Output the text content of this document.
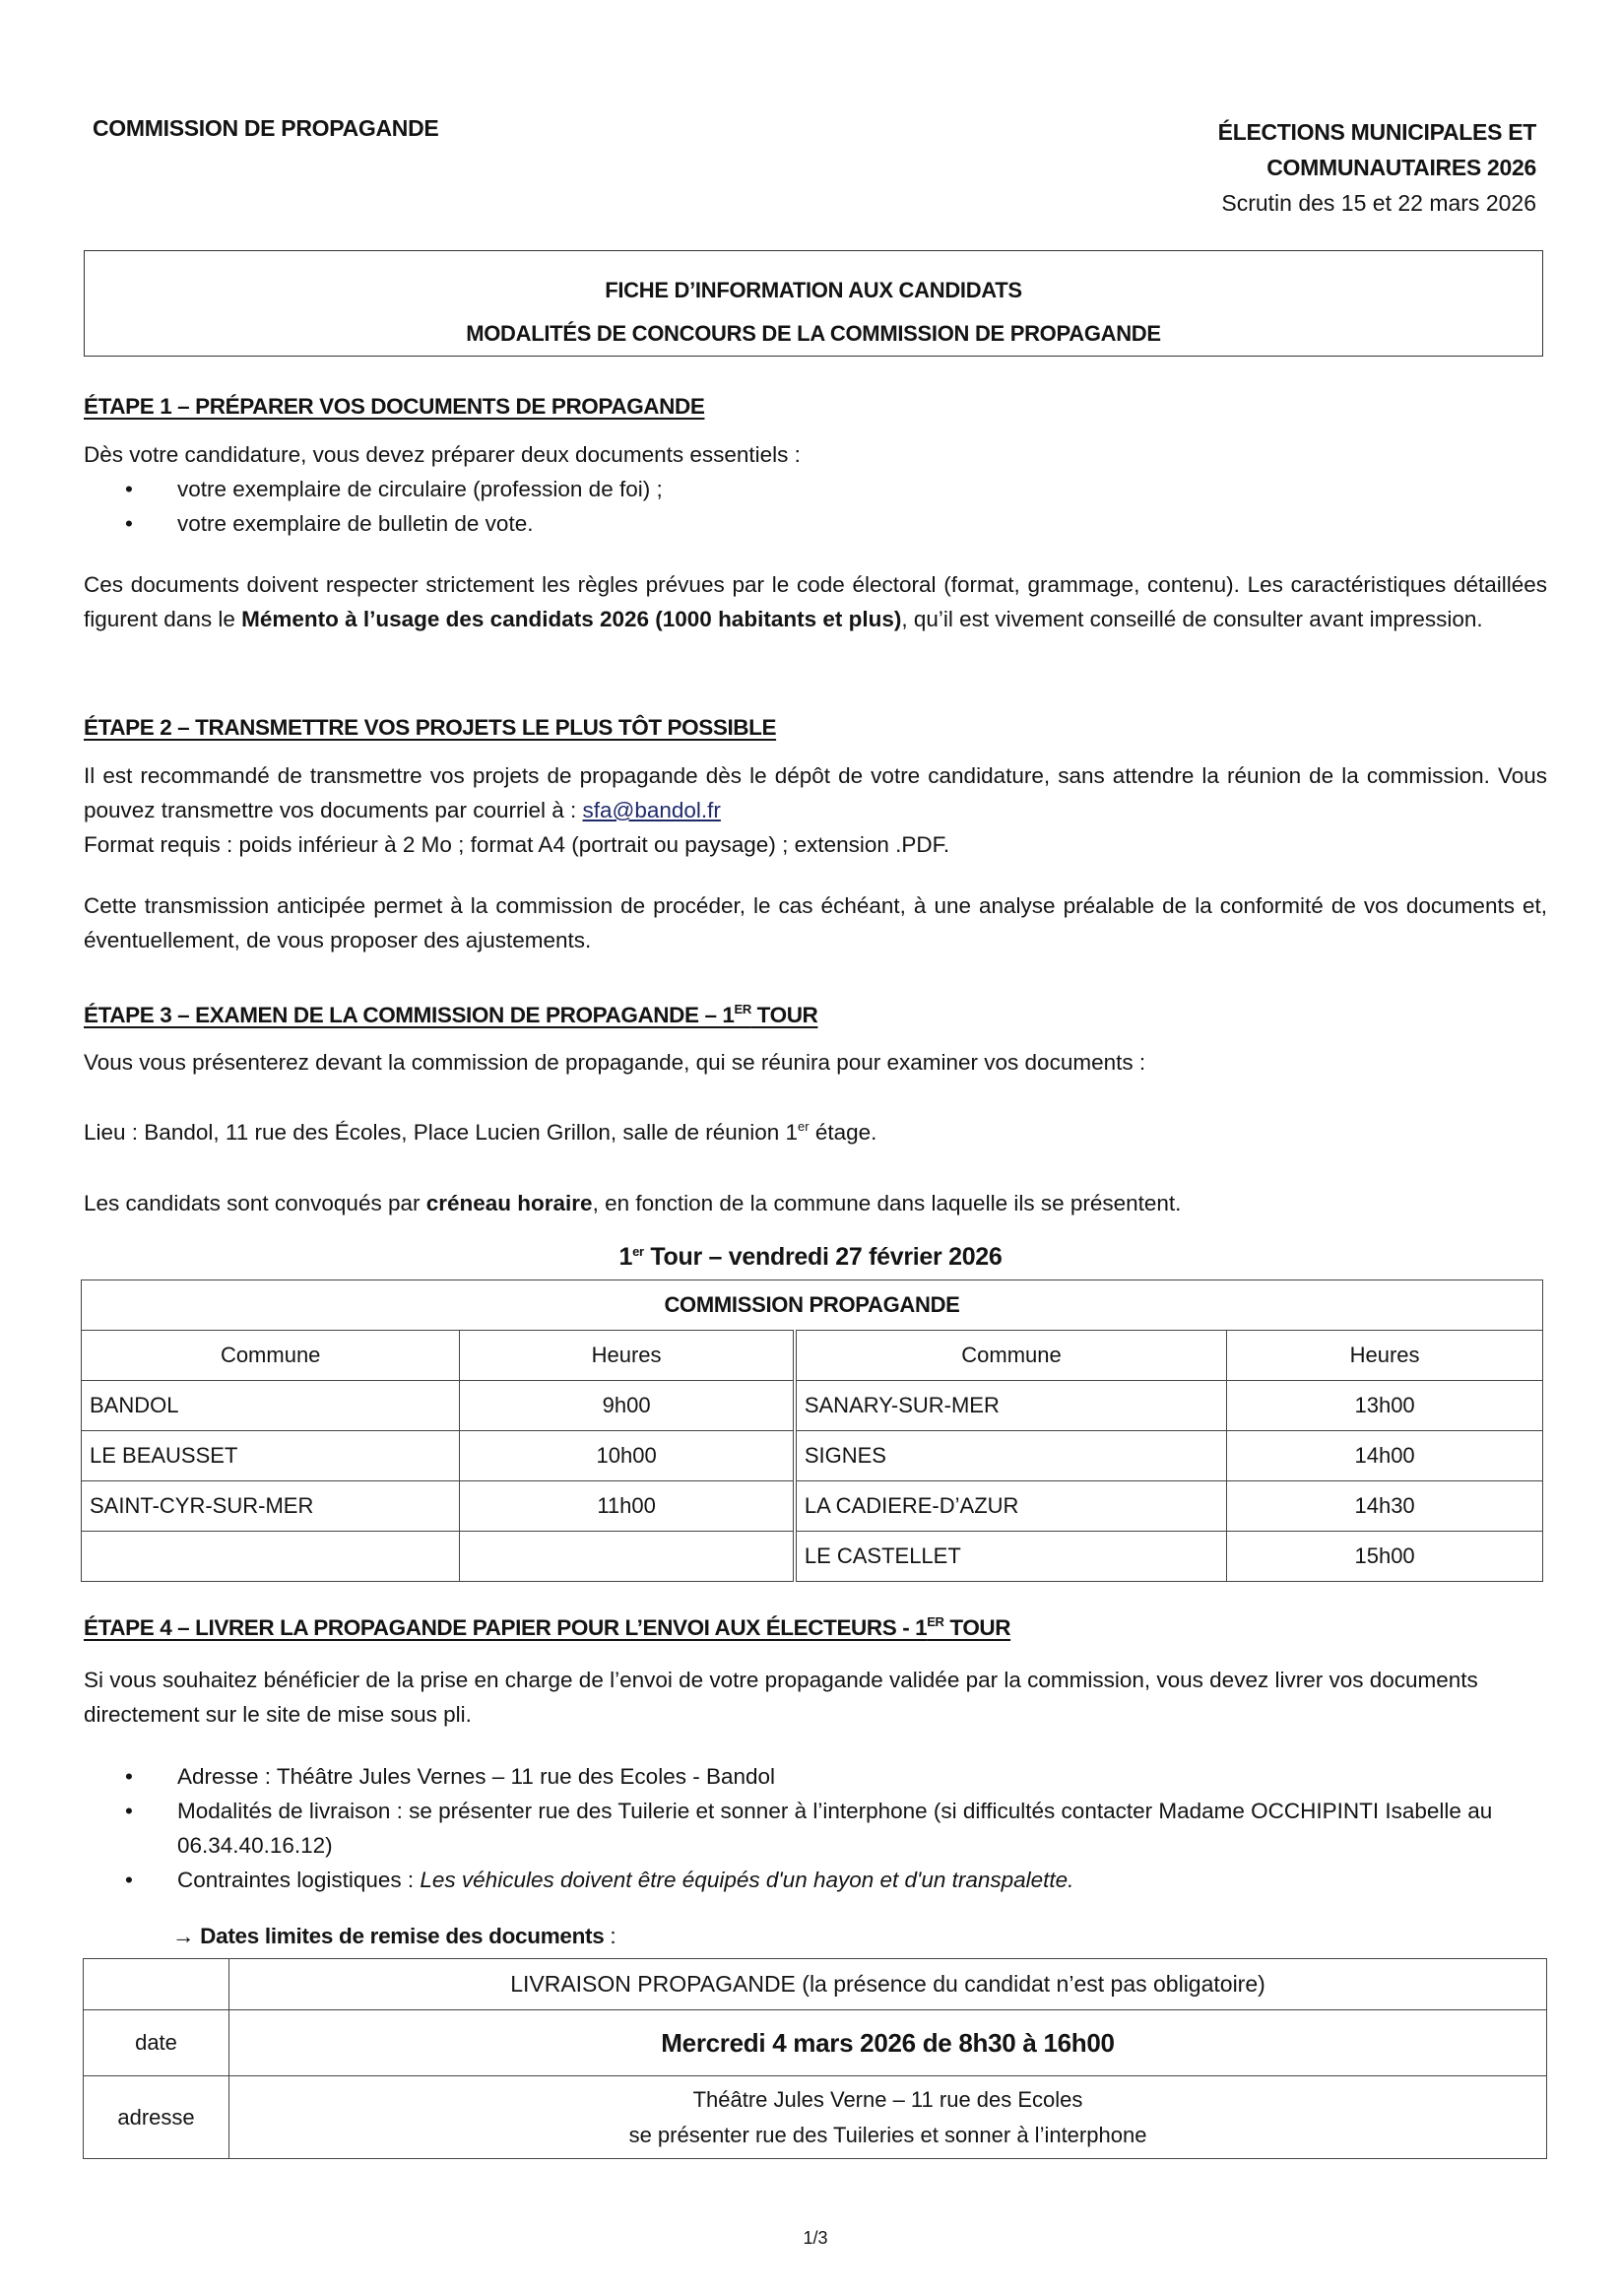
COMMISSION DE PROPAGANDE	ÉLECTIONS MUNICIPALES ET
COMMUNAUTAIRES 2026
Scrutin des 15 et 22 mars 2026
FICHE D’INFORMATION AUX CANDIDATS
MODALITÉS DE CONCOURS DE LA COMMISSION DE PROPAGANDE
ÉTAPE 1 – PRÉPARER VOS DOCUMENTS DE PROPAGANDE

Dès votre candidature, vous devez préparer deux documents essentiels :

• votre exemplaire de circulaire (profession de foi) ;
• votre exemplaire de bulletin de vote.

Ces documents doivent respecter strictement les règles prévues par le code électoral (format, grammage, contenu). Les caractéristiques détaillées figurent dans le Mémento à l’usage des candidats 2026 (1000 habitants et plus), qu’il est vivement conseillé de consulter avant impression.

ÉTAPE 2 – TRANSMETTRE VOS PROJETS LE PLUS TÔT POSSIBLE

Il est recommandé de transmettre vos projets de propagande dès le dépôt de votre candidature, sans attendre la réunion de la commission. Vous pouvez transmettre vos documents par courriel à : sfa@bandol.fr

Format requis : poids inférieur à 2 Mo ; format A4 (portrait ou paysage) ; extension .PDF.

Cette transmission anticipée permet à la commission de procéder, le cas échéant, à une analyse préalable de la conformité de vos documents et, éventuellement, de vous proposer des ajustements.

ÉTAPE 3 – EXAMEN DE LA COMMISSION DE PROPAGANDE – 1ER TOUR

Vous vous présenterez devant la commission de propagande, qui se réunira pour examiner vos documents :

Lieu : Bandol, 11 rue des Écoles, Place Lucien Grillon, salle de réunion 1er étage.

Les candidats sont convoqués par créneau horaire, en fonction de la commune dans laquelle ils se présentent.

1er Tour – vendredi 27 février 2026
COMMISSION PROPAGANDE			
Commune	Heures	Commune	Heures
BANDOL	9h00	SANARY-SUR-MER	13h00
LE BEAUSSET	10h00	SIGNES	14h00
SAINT-CYR-SUR-MER	11h00	LA CADIERE-D’AZUR	14h30
		LE CASTELLET	15h00
ÉTAPE 4 – LIVRER LA PROPAGANDE PAPIER POUR L’ENVOI AUX ÉLECTEURS - 1ER TOUR

Si vous souhaitez bénéficier de la prise en charge de l’envoi de votre propagande validée par la commission, vous devez livrer vos documents directement sur le site de mise sous pli.

• Adresse : Théâtre Jules Vernes – 11 rue des Ecoles - Bandol
• Modalités de livraison : se présenter rue des Tuilerie et sonner à l’interphone (si difficultés contacter Madame OCCHIPINTI Isabelle au 06.34.40.16.12)
• Contraintes logistiques : Les véhicules doivent être équipés d'un hayon et d'un transpalette.
→ Dates limites de remise des documents :
	LIVRAISON PROPAGANDE (la présence du candidat n’est pas obligatoire)
date	Mercredi 4 mars 2026 de 8h30 à 16h00
adresse	Théâtre Jules Verne – 11 rue des Ecoles
se présenter rue des Tuileries et sonner à l’interphone
1/3
